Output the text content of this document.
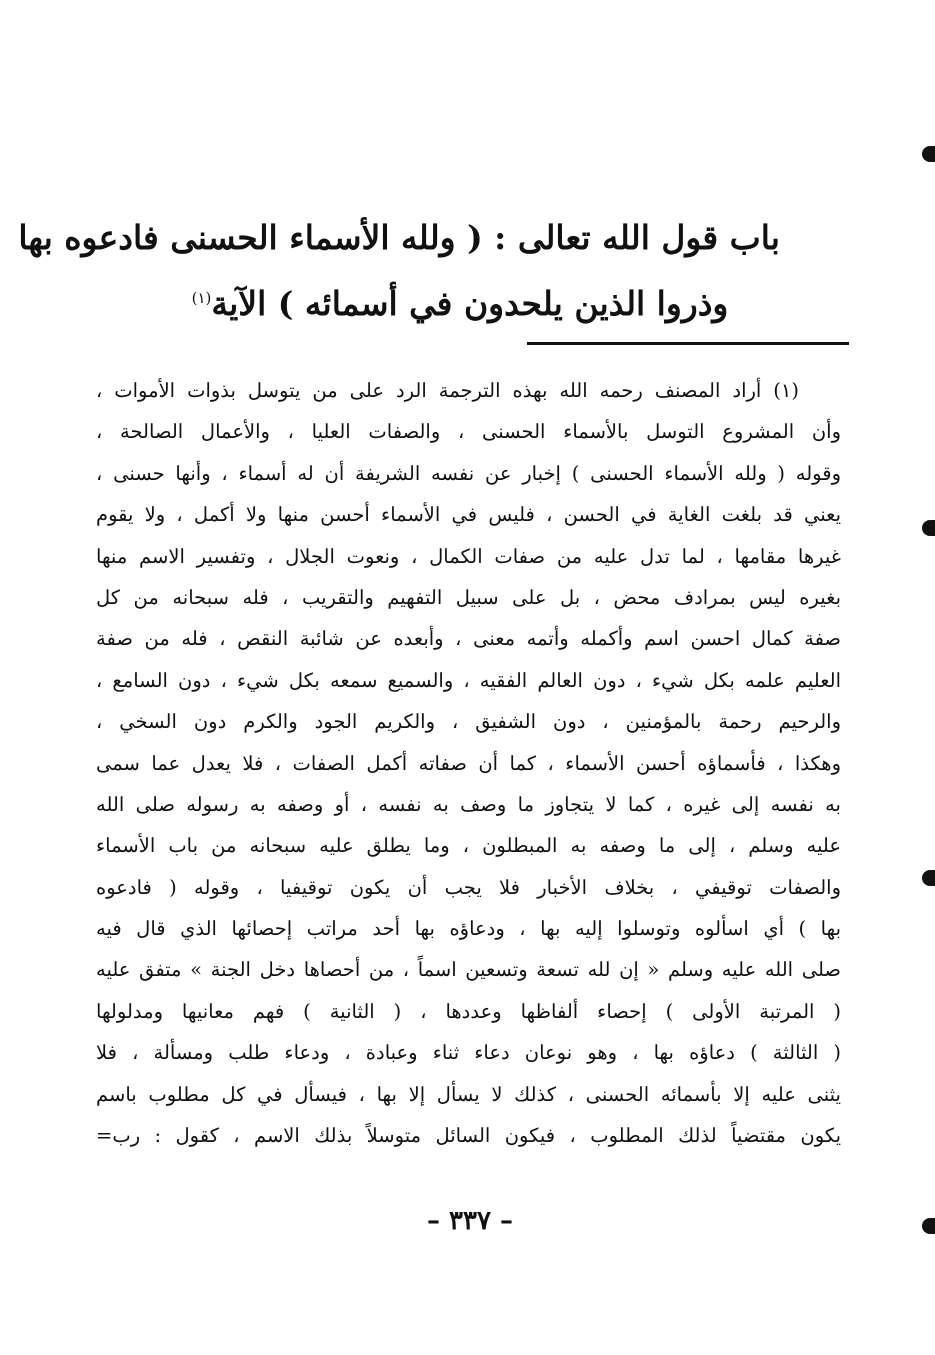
باب قول الله تعالى : ( ولله الأسماء الحسنى فادعوه بها
وذروا الذين يلحدون في أسمائه ) الآية$^{(١)}$
(١) أراد المصنف رحمه الله بهذه الترجمة الرد على من يتوسل بذوات الأموات ،
وأن المشروع التوسل بالأسماء الحسنى ، والصفات العليا ، والأعمال الصالحة ،
وقوله ( ولله الأسماء الحسنى ) إخبار عن نفسه الشريفة أن له أسماء ، وأنها حسنى ،
يعني قد بلغت الغاية في الحسن ، فليس في الأسماء أحسن منها ولا أكمل ، ولا يقوم
غيرها مقامها ، لما تدل عليه من صفات الكمال ، ونعوت الجلال ، وتفسير الاسم منها
بغيره ليس بمرادف محض ، بل على سبيل التفهيم والتقريب ، فله سبحانه من كل
صفة كمال احسن اسم وأكمله وأتمه معنى ، وأبعده عن شائبة النقص ، فله من صفة
العليم علمه بكل شيء ، دون العالم الفقيه ، والسميع سمعه بكل شيء ، دون السامع ،
والرحيم رحمة بالمؤمنين ، دون الشفيق ، والكريم الجود والكرم دون السخي ،
وهكذا ، فأسماؤه أحسن الأسماء ، كما أن صفاته أكمل الصفات ، فلا يعدل عما سمى
به نفسه إلى غيره ، كما لا يتجاوز ما وصف به نفسه ، أو وصفه به رسوله صلى الله
عليه وسلم ، إلى ما وصفه به المبطلون ، وما يطلق عليه سبحانه من باب الأسماء
والصفات توقيفي ، بخلاف الأخبار فلا يجب أن يكون توقيفيا ، وقوله ( فادعوه
بها ) أي اسألوه وتوسلوا إليه بها ، ودعاؤه بها أحد مراتب إحصائها الذي قال فيه
صلى الله عليه وسلم « إن لله تسعة وتسعين اسماً ، من أحصاها دخل الجنة » متفق عليه
( المرتبة الأولى ) إحصاء ألفاظها وعددها ، ( الثانية ) فهم معانيها ومدلولها
( الثالثة ) دعاؤه بها ، وهو نوعان دعاء ثناء وعبادة ، ودعاء طلب ومسألة ، فلا
يثنى عليه إلا بأسمائه الحسنى ، كذلك لا يسأل إلا بها ، فيسأل في كل مطلوب باسم
يكون مقتضياً لذلك المطلوب ، فيكون السائل متوسلاً بذلك الاسم ، كقول : رب=
– ٣٣٧ –
